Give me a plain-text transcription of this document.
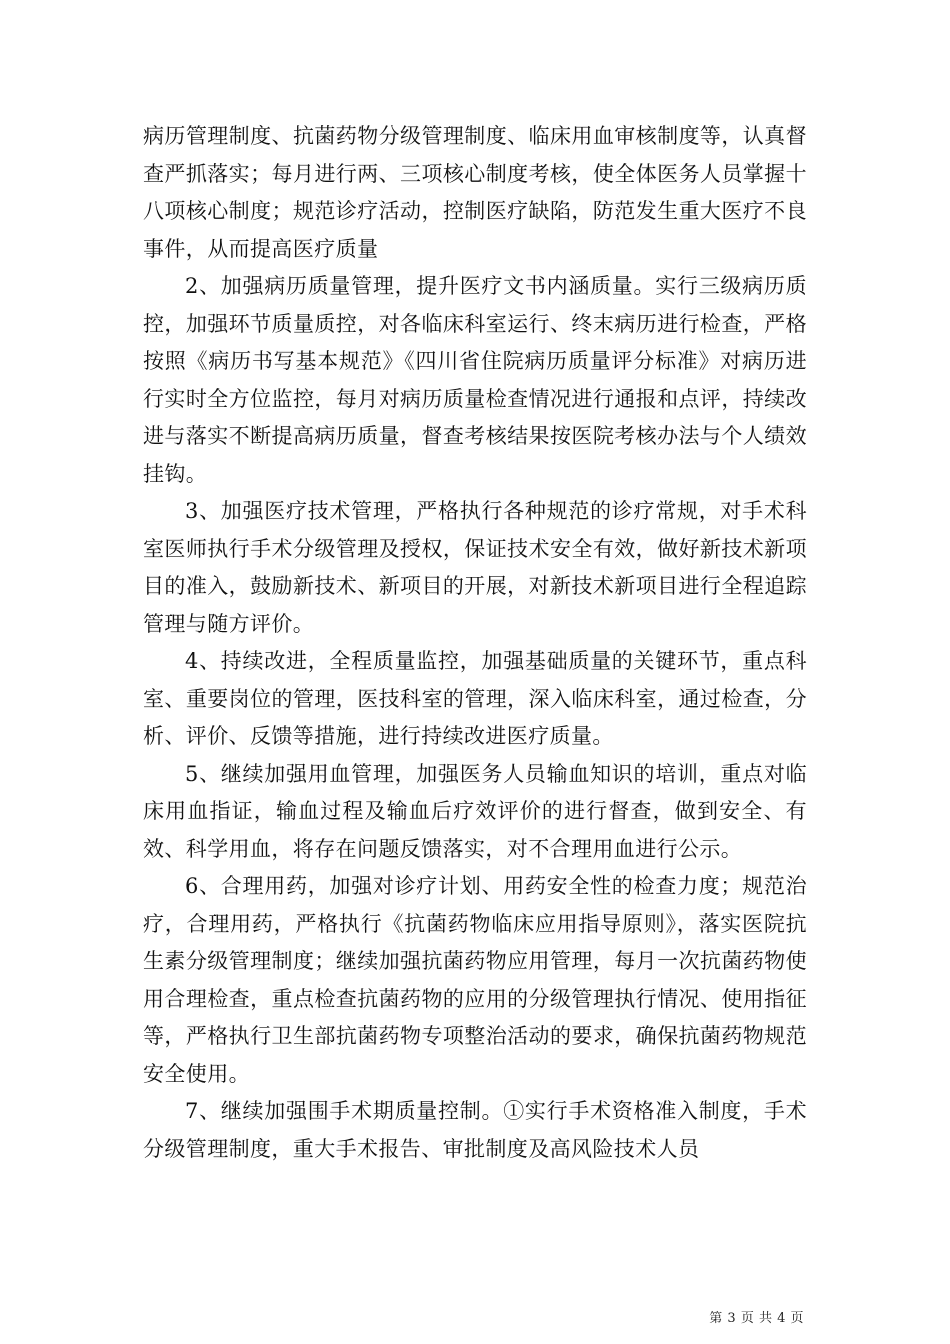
病历管理制度、抗菌药物分级管理制度、临床用血审核制度等，认真督查严抓落实；每月进行两、三项核心制度考核，使全体医务人员掌握十八项核心制度；规范诊疗活动，控制医疗缺陷，防范发生重大医疗不良事件，从而提高医疗质量

2、加强病历质量管理，提升医疗文书内涵质量。实行三级病历质控，加强环节质量质控，对各临床科室运行、终末病历进行检查，严格按照《病历书写基本规范》《四川省住院病历质量评分标准》对病历进行实时全方位监控，每月对病历质量检查情况进行通报和点评，持续改进与落实不断提高病历质量，督查考核结果按医院考核办法与个人绩效挂钩。

3、加强医疗技术管理，严格执行各种规范的诊疗常规，对手术科室医师执行手术分级管理及授权，保证技术安全有效，做好新技术新项目的准入，鼓励新技术、新项目的开展，对新技术新项目进行全程追踪管理与随方评价。

4、持续改进，全程质量监控，加强基础质量的关键环节，重点科室、重要岗位的管理，医技科室的管理，深入临床科室，通过检查，分析、评价、反馈等措施，进行持续改进医疗质量。

5、继续加强用血管理，加强医务人员输血知识的培训，重点对临床用血指证，输血过程及输血后疗效评价的进行督查，做到安全、有效、科学用血，将存在问题反馈落实，对不合理用血进行公示。

6、合理用药，加强对诊疗计划、用药安全性的检查力度；规范治疗，合理用药，严格执行《抗菌药物临床应用指导原则》，落实医院抗生素分级管理制度；继续加强抗菌药物应用管理，每月一次抗菌药物使用合理检查，重点检查抗菌药物的应用的分级管理执行情况、使用指征等，严格执行卫生部抗菌药物专项整治活动的要求，确保抗菌药物规范安全使用。

7、继续加强围手术期质量控制。①实行手术资格准入制度，手术分级管理制度，重大手术报告、审批制度及高风险技术人员

第 3 页 共 4 页
